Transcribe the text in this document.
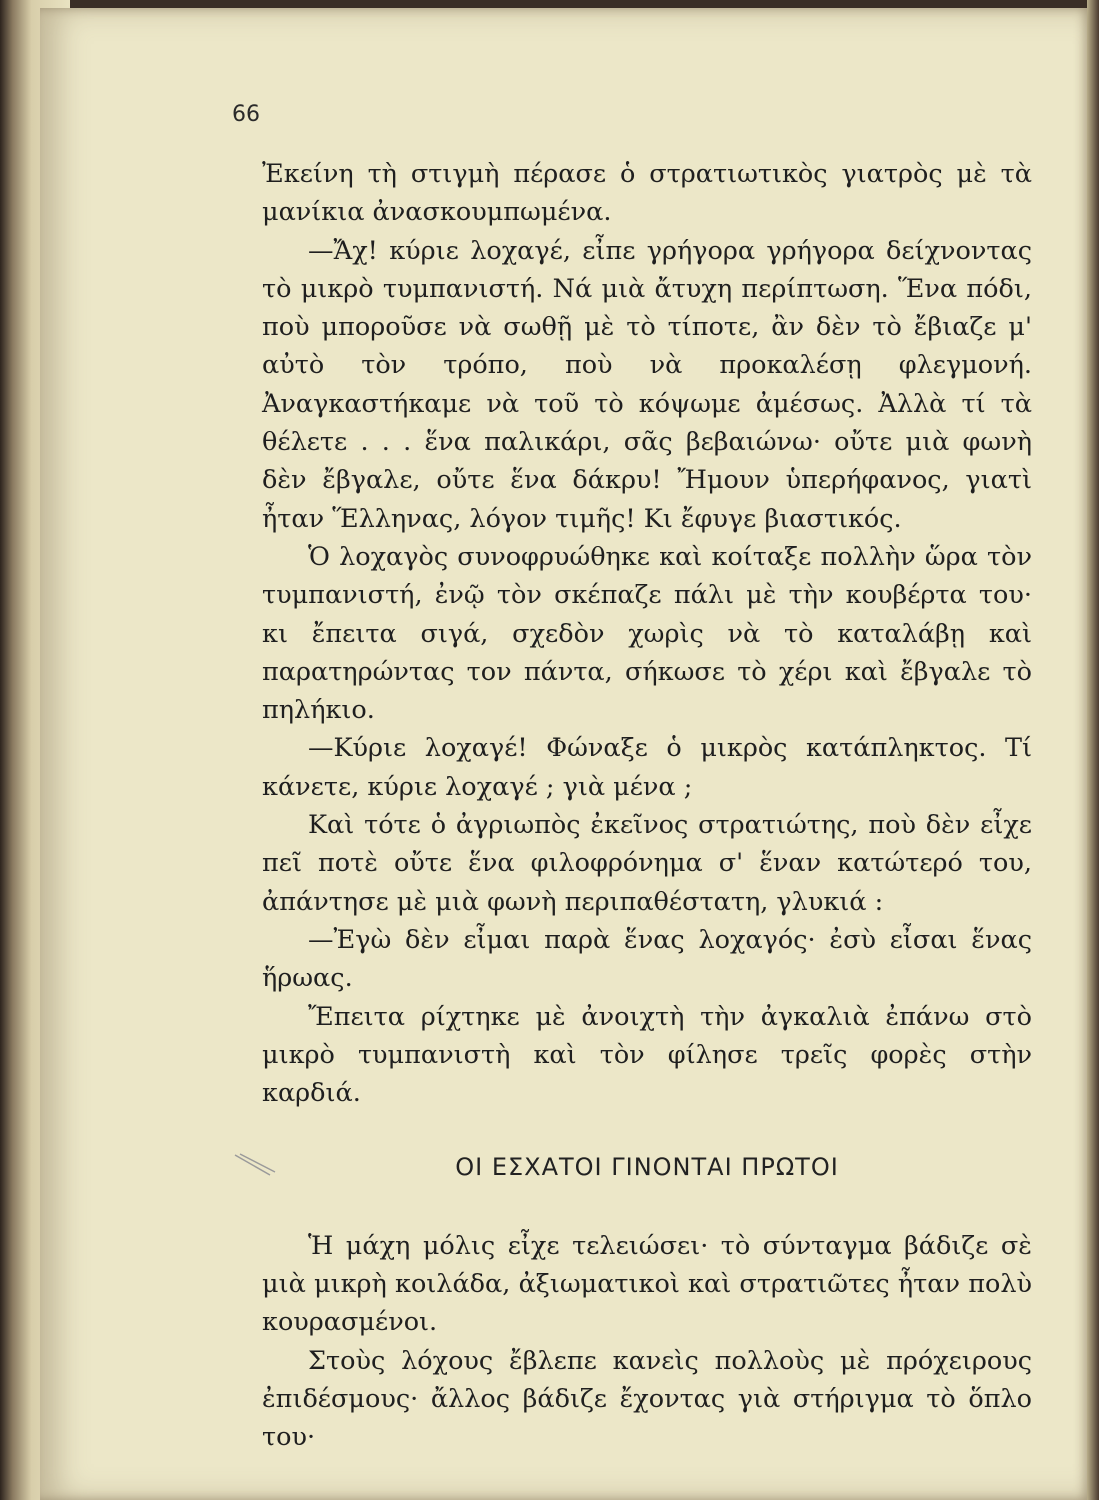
66

Ἐκείνη τὴ στιγμὴ πέρασε ὁ στρατιωτικὸς γιατρὸς μὲ τὰ μανίκια ἀνασκουμπωμένα.

—Ἄχ! κύριε λοχαγέ, εἶπε γρήγορα γρήγορα δείχνοντας τὸ μικρὸ τυμπανιστή. Νά μιὰ ἄτυχη περίπτωση. Ἕνα πόδι, ποὺ μποροῦσε νὰ σωθῇ μὲ τὸ τίποτε, ἂν δὲν τὸ ἔβιαζε μ' αὐτὸ τὸν τρόπο, ποὺ νὰ προκαλέσῃ φλεγμονή. Ἀναγκαστήκαμε νὰ τοῦ τὸ κόψωμε ἀμέσως. Ἀλλὰ τί τὰ θέλετε . . . ἕνα παλικάρι, σᾶς βεβαιώνω· οὔτε μιὰ φωνὴ δὲν ἔβγαλε, οὔτε ἕνα δάκρυ! Ἤμουν ὑπερήφανος, γιατὶ ἦταν Ἕλληνας, λόγον τιμῆς! Κι ἔφυγε βιαστικός.

Ὁ λοχαγὸς συνοφρυώθηκε καὶ κοίταξε πολλὴν ὥρα τὸν τυμπανιστή, ἐνῷ τὸν σκέπαζε πάλι μὲ τὴν κουβέρτα του· κι ἔπειτα σιγά, σχεδὸν χωρὶς νὰ τὸ καταλάβῃ καὶ παρατηρώντας τον πάντα, σήκωσε τὸ χέρι καὶ ἔβγαλε τὸ πηλήκιο.

—Κύριε λοχαγέ! Φώναξε ὁ μικρὸς κατάπληκτος. Τί κάνετε, κύριε λοχαγέ ; γιὰ μένα ;

Καὶ τότε ὁ ἀγριωπὸς ἐκεῖνος στρατιώτης, ποὺ δὲν εἶχε πεῖ ποτὲ οὔτε ἕνα φιλοφρόνημα σ' ἕναν κατώτερό του, ἀπάντησε μὲ μιὰ φωνὴ περιπαθέστατη, γλυκιά :

—Ἐγὼ δὲν εἶμαι παρὰ ἕνας λοχαγός· ἐσὺ εἶσαι ἕνας ἥρωας.

Ἔπειτα ρίχτηκε μὲ ἀνοιχτὴ τὴν ἀγκαλιὰ ἐπάνω στὸ μικρὸ τυμπανιστὴ καὶ τὸν φίλησε τρεῖς φορὲς στὴν καρδιά.

ΟΙ ΕΣΧΑΤΟΙ ΓΙΝΟΝΤΑΙ ΠΡΩΤΟΙ

Ἡ μάχη μόλις εἶχε τελειώσει· τὸ σύνταγμα βάδιζε σὲ μιὰ μικρὴ κοιλάδα, ἀξιωματικοὶ καὶ στρατιῶτες ἦταν πολὺ κουρασμένοι.

Στοὺς λόχους ἔβλεπε κανεὶς πολλοὺς μὲ πρόχειρους ἐπιδέσμους· ἄλλος βάδιζε ἔχοντας γιὰ στήριγμα τὸ ὅπλο του·
